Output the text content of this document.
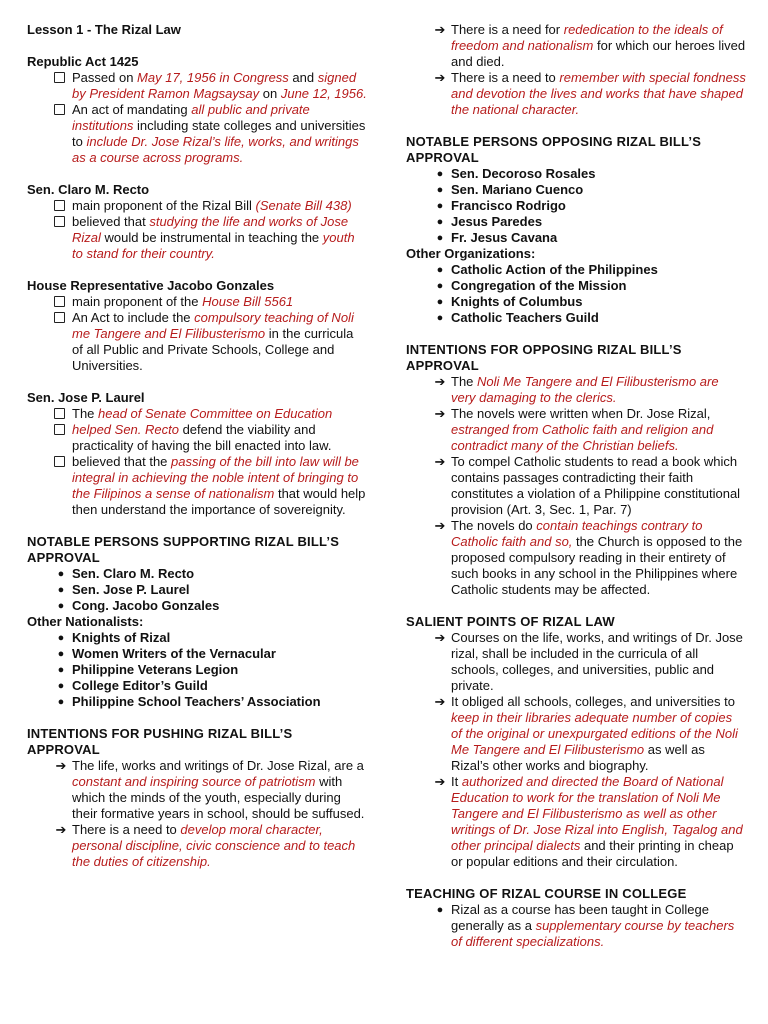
Lesson 1 - The Rizal Law
Republic Act 1425
Passed on May 17, 1956 in Congress and signed by President Ramon Magsaysay on June 12, 1956.
An act of mandating all public and private institutions including state colleges and universities to include Dr. Jose Rizal’s life, works, and writings as a course across programs.
Sen. Claro M. Recto
main proponent of the Rizal Bill (Senate Bill 438)
believed that studying the life and works of Jose Rizal would be instrumental in teaching the youth to stand for their country.
House Representative Jacobo Gonzales
main proponent of the House Bill 5561
An Act to include the compulsory teaching of Noli me Tangere and El Filibusterismo in the curricula of all Public and Private Schools, College and Universities.
Sen. Jose P. Laurel
The head of Senate Committee on Education
helped Sen. Recto defend the viability and practicality of having the bill enacted into law.
believed that the passing of the bill into law will be integral in achieving the noble intent of bringing to the Filipinos a sense of nationalism that would help then understand the importance of sovereignity.
NOTABLE PERSONS SUPPORTING RIZAL BILL’S APPROVAL
● Sen. Claro M. Recto
● Sen. Jose P. Laurel
● Cong. Jacobo Gonzales
Other Nationalists:
● Knights of Rizal
● Women Writers of the Vernacular
● Philippine Veterans Legion
● College Editor’s Guild
● Philippine School Teachers’ Association
INTENTIONS FOR PUSHING RIZAL BILL’S APPROVAL
➔ The life, works and writings of Dr. Jose Rizal, are a constant and inspiring source of patriotism with which the minds of the youth, especially during their formative years in school, should be suffused.
➔ There is a need to develop moral character, personal discipline, civic conscience and to teach the duties of citizenship.
➔ There is a need for rededication to the ideals of freedom and nationalism for which our heroes lived and died.
➔ There is a need to remember with special fondness and devotion the lives and works that have shaped the national character.
NOTABLE PERSONS OPPOSING RIZAL BILL’S APPROVAL
● Sen. Decoroso Rosales
● Sen. Mariano Cuenco
● Francisco Rodrigo
● Jesus Paredes
● Fr. Jesus Cavana
Other Organizations:
● Catholic Action of the Philippines
● Congregation of the Mission
● Knights of Columbus
● Catholic Teachers Guild
INTENTIONS FOR OPPOSING RIZAL BILL’S APPROVAL
➔ The Noli Me Tangere and El Filibusterismo are very damaging to the clerics.
➔ The novels were written when Dr. Jose Rizal, estranged from Catholic faith and religion and contradict many of the Christian beliefs.
➔ To compel Catholic students to read a book which contains passages contradicting their faith constitutes a violation of a Philippine constitutional provision (Art. 3, Sec. 1, Par. 7)
➔ The novels do contain teachings contrary to Catholic faith and so, the Church is opposed to the proposed compulsory reading in their entirety of such books in any school in the Philippines where Catholic students may be affected.
SALIENT POINTS OF RIZAL LAW
➔ Courses on the life, works, and writings of Dr. Jose rizal, shall be included in the curricula of all schools, colleges, and universities, public and private.
➔ It obliged all schools, colleges, and universities to keep in their libraries adequate number of copies of the original or unexpurgated editions of the Noli Me Tangere and El Filibusterismo as well as Rizal’s other works and biography.
➔ It authorized and directed the Board of National Education to work for the translation of Noli Me Tangere and El Filibusterismo as well as other writings of Dr. Jose Rizal into English, Tagalog and other principal dialects and their printing in cheap or popular editions and their circulation.
TEACHING OF RIZAL COURSE IN COLLEGE
● Rizal as a course has been taught in College generally as a supplementary course by teachers of different specializations.
